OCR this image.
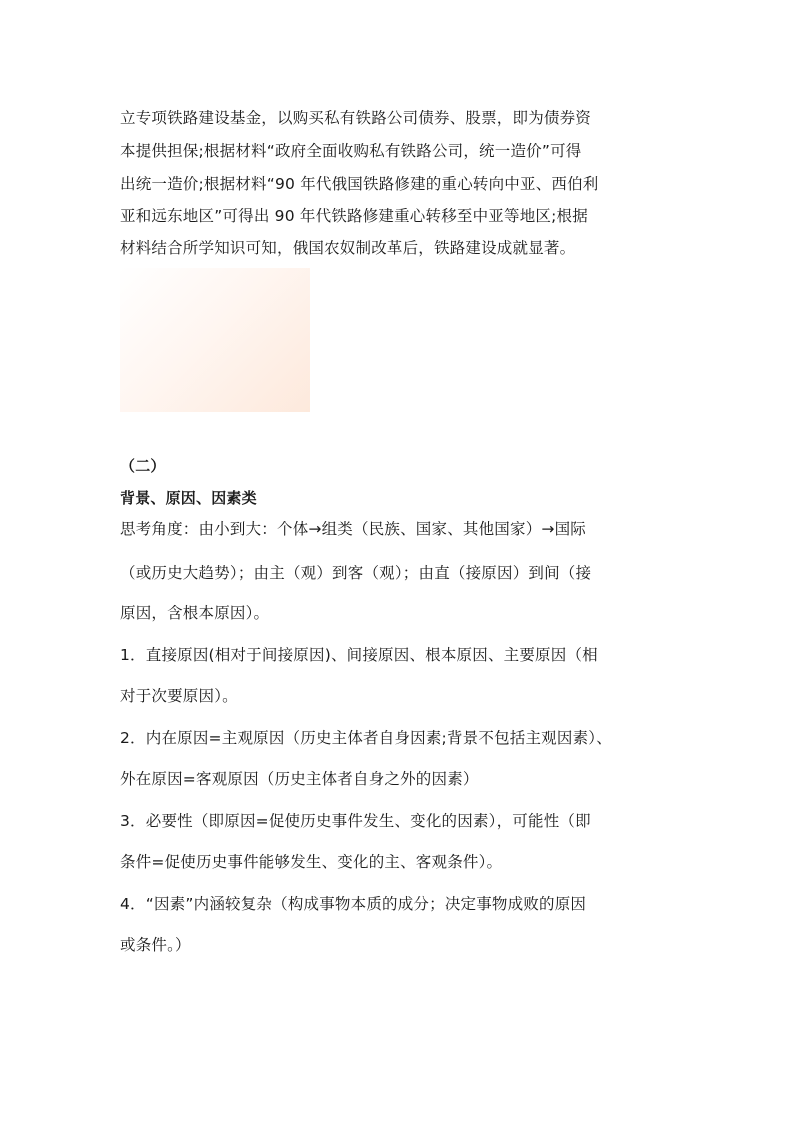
立专项铁路建设基金，以购买私有铁路公司债券、股票，即为债券资
本提供担保;根据材料“政府全面收购私有铁路公司，统一造价”可得
出统一造价;根据材料“90 年代俄国铁路修建的重心转向中亚、西伯利
亚和远东地区”可得出 90 年代铁路修建重心转移至中亚等地区;根据
材料结合所学知识可知，俄国农奴制改革后，铁路建设成就显著。
（二）
背景、原因、因素类
思考角度：由小到大：个体→组类（民族、国家、其他国家）→国际
（或历史大趋势）；由主（观）到客（观）；由直（接原因）到间（接
原因，含根本原因）。
1．直接原因(相对于间接原因)、间接原因、根本原因、主要原因（相
对于次要原因）。
2．内在原因=主观原因（历史主体者自身因素;背景不包括主观因素）、
外在原因=客观原因（历史主体者自身之外的因素）
3．必要性（即原因=促使历史事件发生、变化的因素），可能性（即
条件=促使历史事件能够发生、变化的主、客观条件）。
4．“因素”内涵较复杂（构成事物本质的成分；决定事物成败的原因
或条件。）
